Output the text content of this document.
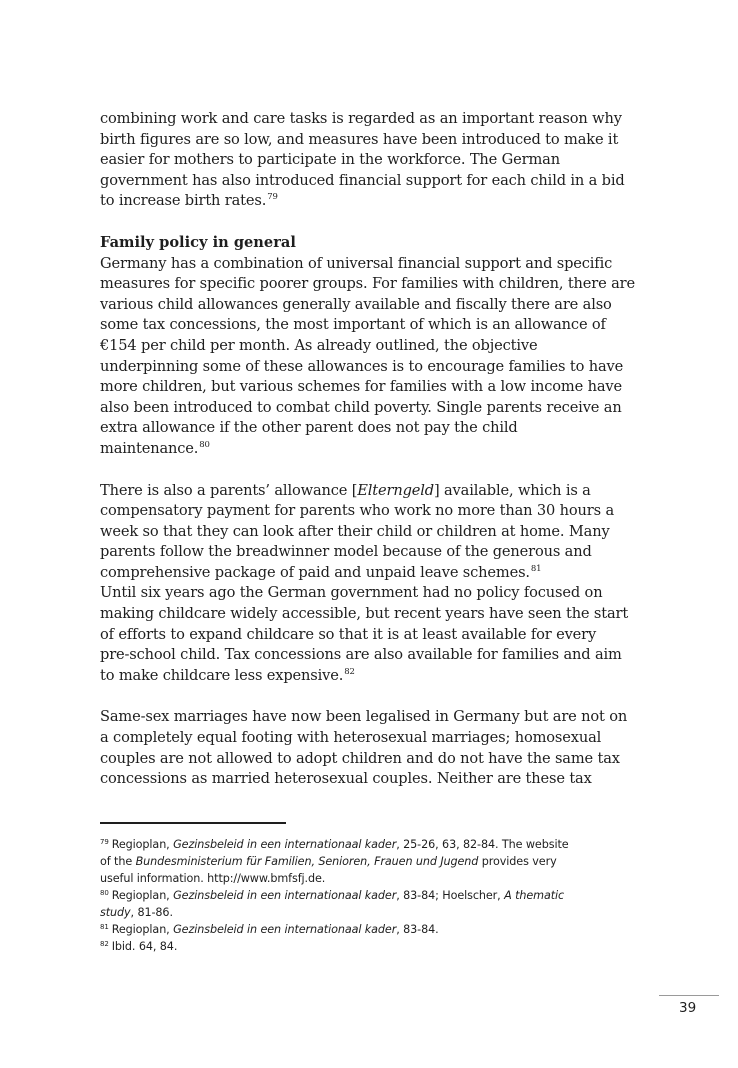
combining work and care tasks is regarded as an important reason why
birth figures are so low, and measures have been introduced to make it
easier for mothers to participate in the workforce. The German
government has also introduced financial support for each child in a bid
to increase birth rates.$^{79}$

Family policy in general

Germany has a combination of universal financial support and specific
measures for specific poorer groups. For families with children, there are
various child allowances generally available and fiscally there are also
some tax concessions, the most important of which is an allowance of
€154 per child per month. As already outlined, the objective
underpinning some of these allowances is to encourage families to have
more children, but various schemes for families with a low income have
also been introduced to combat child poverty. Single parents receive an
extra allowance if the other parent does not pay the child
maintenance.$^{80}$

There is also a parents’ allowance [Elterngeld] available, which is a
compensatory payment for parents who work no more than 30 hours a
week so that they can look after their child or children at home. Many
parents follow the breadwinner model because of the generous and
comprehensive package of paid and unpaid leave schemes.$^{81}$
Until six years ago the German government had no policy focused on
making childcare widely accessible, but recent years have seen the start
of efforts to expand childcare so that it is at least available for every
pre-school child. Tax concessions are also available for families and aim
to make childcare less expensive.$^{82}$

Same-sex marriages have now been legalised in Germany but are not on
a completely equal footing with heterosexual marriages; homosexual
couples are not allowed to adopt children and do not have the same tax
concessions as married heterosexual couples. Neither are these tax

$^{79}$ Regioplan, Gezinsbeleid in een internationaal kader, 25-26, 63, 82-84. The website
of the Bundesministerium für Familien, Senioren, Frauen und Jugend provides very
useful information. http://www.bmfsfj.de.

$^{80}$ Regioplan, Gezinsbeleid in een internationaal kader, 83-84; Hoelscher, A thematic
study, 81-86.

$^{81}$ Regioplan, Gezinsbeleid in een internationaal kader, 83-84.

$^{82}$ Ibid. 64, 84.

39
